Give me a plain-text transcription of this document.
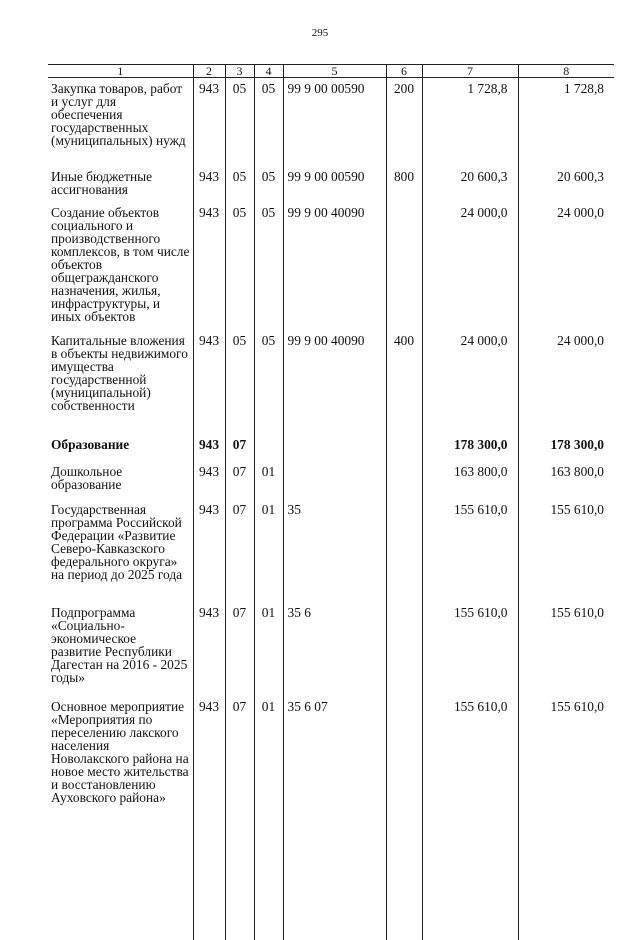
295
1	2	3	4	5	6	7	8
Закупка товаров, работ и услуг для обеспечения государственных (муниципальных) нужд	943	05	05	99 9 00 00590	200	1 728,8	1 728,8
Иные бюджетные ассигнования	943	05	05	99 9 00 00590	800	20 600,3	20 600,3
Создание объектов социального и производственного комплексов, в том числе объектов общегражданского назначения, жилья, инфраструктуры, и иных объектов	943	05	05	99 9 00 40090		24 000,0	24 000,0
Капитальные вложения в объекты недвижимого имущества государственной (муниципальной) собственности	943	05	05	99 9 00 40090	400	24 000,0	24 000,0
Образование	943	07				178 300,0	178 300,0
Дошкольное образование	943	07	01			163 800,0	163 800,0
Государственная программа Российской Федерации «Развитие Северо-Кавказского федерального округа» на период до 2025 года	943	07	01	35		155 610,0	155 610,0
Подпрограмма «Социально-экономическое развитие Республики Дагестан на 2016 - 2025 годы»	943	07	01	35 6		155 610,0	155 610,0
Основное мероприятие «Мероприятия по переселению лакского населения Новолакского района на новое место жительства и восстановлению Ауховского района»	943	07	01	35 6 07		155 610,0	155 610,0
